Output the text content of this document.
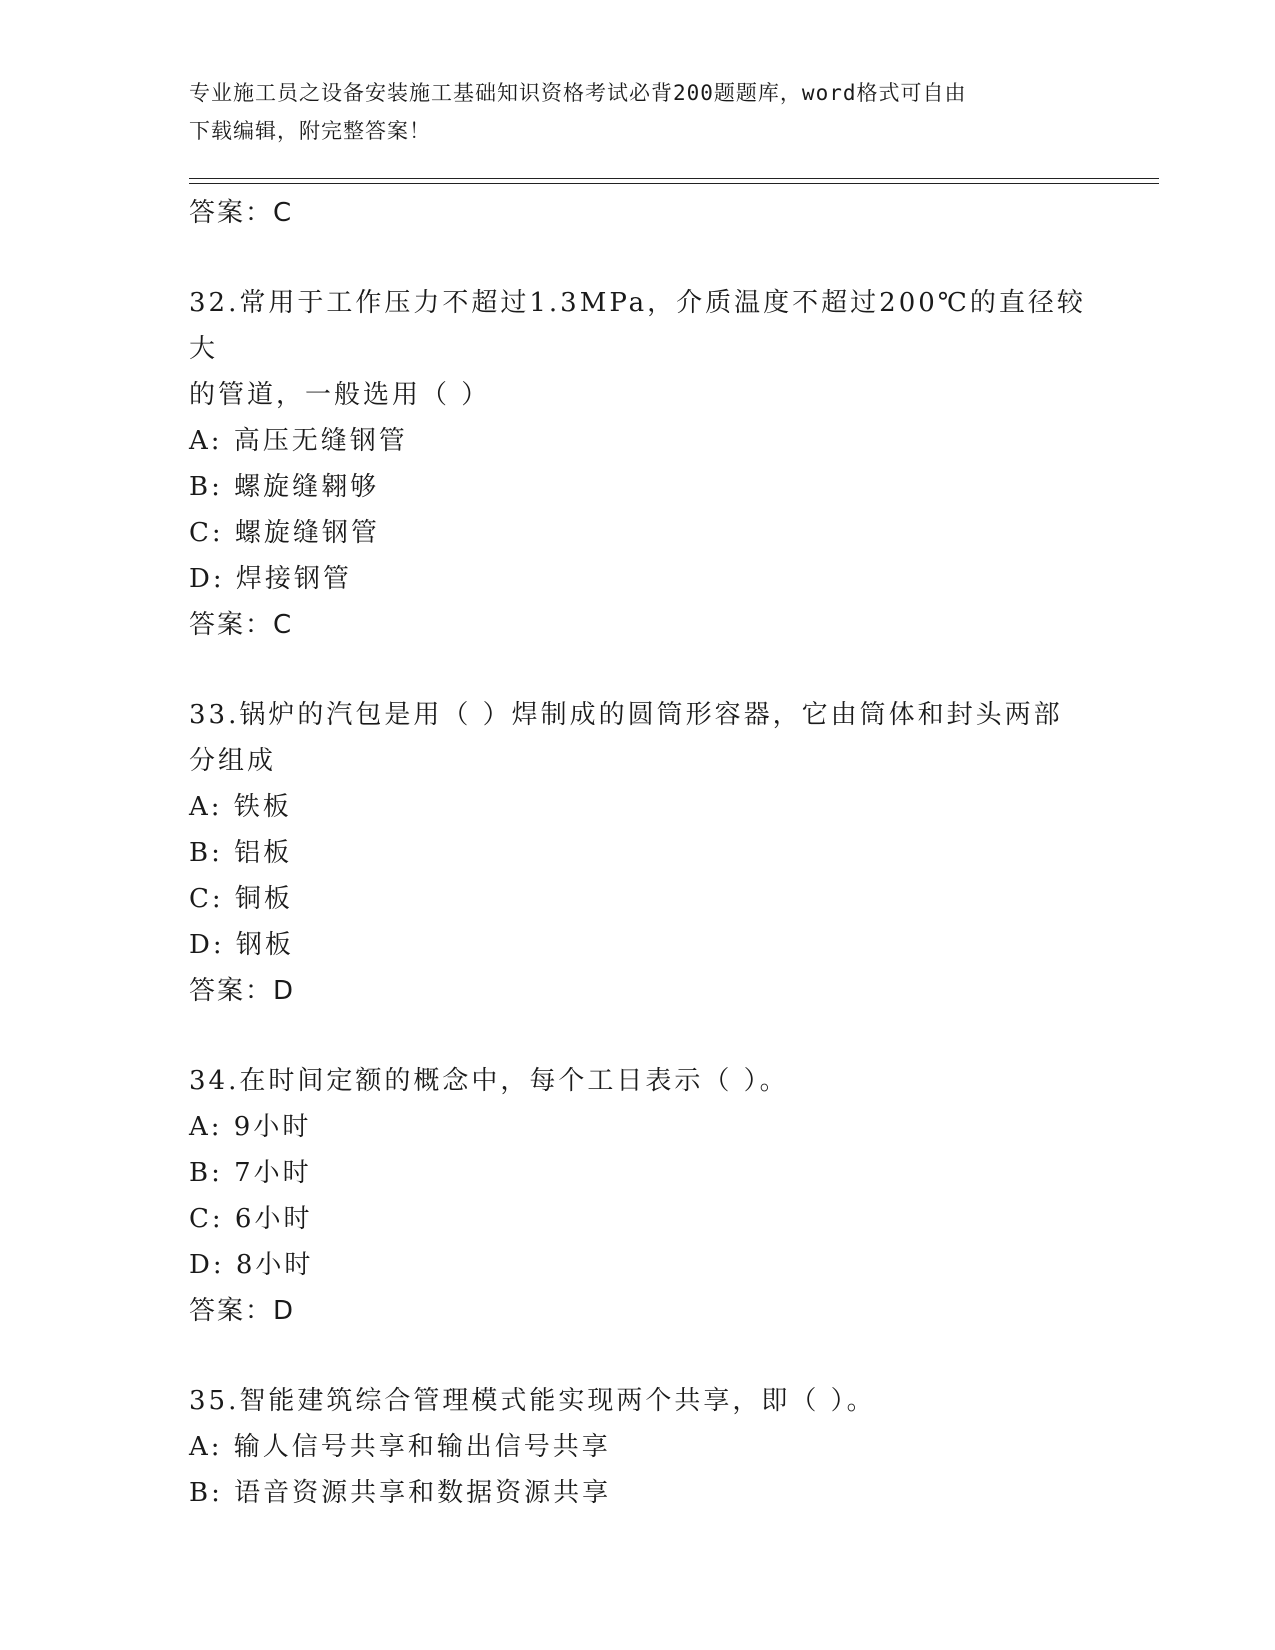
专业施工员之设备安装施工基础知识资格考试必背200题题库，word格式可自由
下载编辑，附完整答案！
答案：C
32.常用于工作压力不超过1.3MPa，介质温度不超过200℃的直径较大
的管道，一般选用（ ）
A: 高压无缝钢管
B: 螺旋缝翱够
C: 螺旋缝钢管
D: 焊接钢管
答案：C
33.锅炉的汽包是用（ ）焊制成的圆筒形容器，它由筒体和封头两部
分组成
A: 铁板
B: 铝板
C: 铜板
D: 钢板
答案：D
34.在时间定额的概念中，每个工日表示（ ）。
A: 9小时
B: 7小时
C: 6小时
D: 8小时
答案：D
35.智能建筑综合管理模式能实现两个共享，即（ ）。
A: 输人信号共享和输出信号共享
B: 语音资源共享和数据资源共享
